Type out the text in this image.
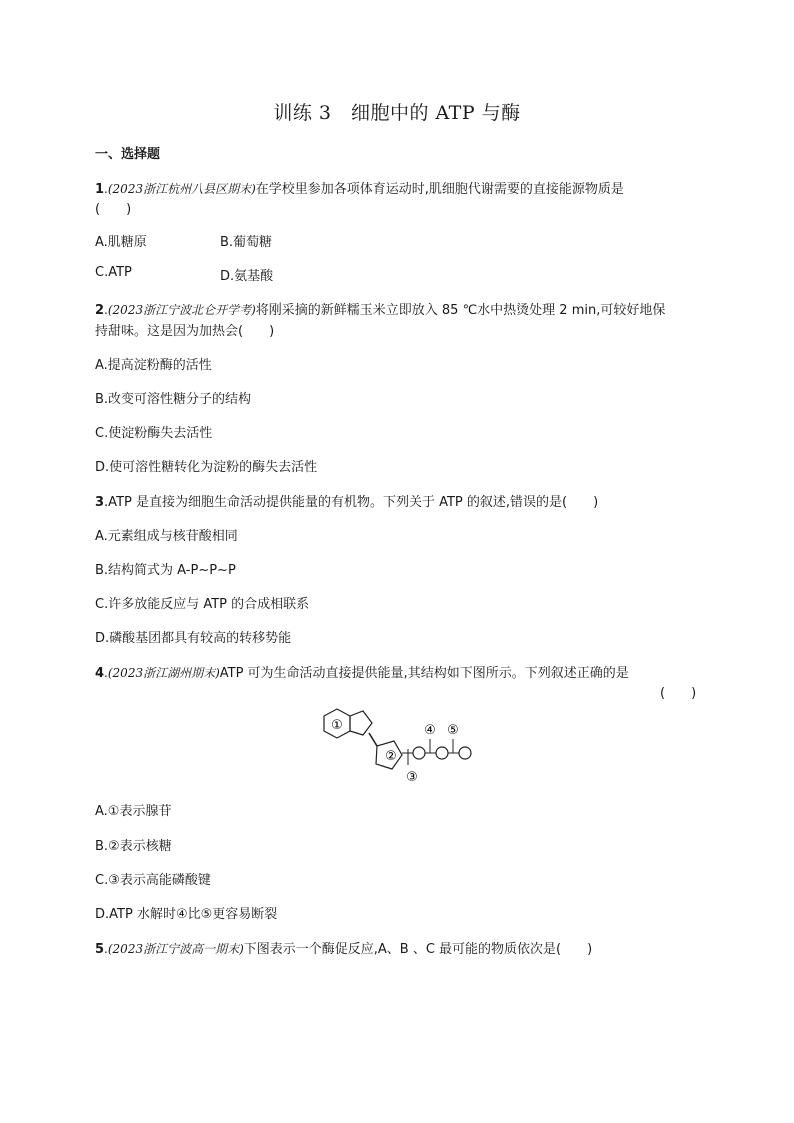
训练 3　细胞中的 ATP 与酶
一、选择题
1.(2023浙江杭州八县区期末)在学校里参加各项体育运动时,肌细胞代谢需要的直接能源物质是
(　　)
A.肌糖原	B.葡萄糖
C.ATP	D.氨基酸
2.(2023浙江宁波北仑开学考)将刚采摘的新鲜糯玉米立即放入 85 ℃水中热烫处理 2 min,可较好地保
持甜味。这是因为加热会(　　)
A.提高淀粉酶的活性
B.改变可溶性糖分子的结构
C.使淀粉酶失去活性
D.使可溶性糖转化为淀粉的酶失去活性
3.ATP 是直接为细胞生命活动提供能量的有机物。下列关于 ATP 的叙述,错误的是(　　)
A.元素组成与核苷酸相同
B.结构简式为 A-P~P~P
C.许多放能反应与 ATP 的合成相联系
D.磷酸基团都具有较高的转移势能
4.(2023浙江湖州期末)ATP 可为生命活动直接提供能量,其结构如下图所示。下列叙述正确的是
(　　)
①
②
③
④ ⑤
A.①表示腺苷
B.②表示核糖
C.③表示高能磷酸键
D.ATP 水解时④比⑤更容易断裂
5.(2023浙江宁波高一期末)下图表示一个酶促反应,A、B 、C 最可能的物质依次是(　　)
